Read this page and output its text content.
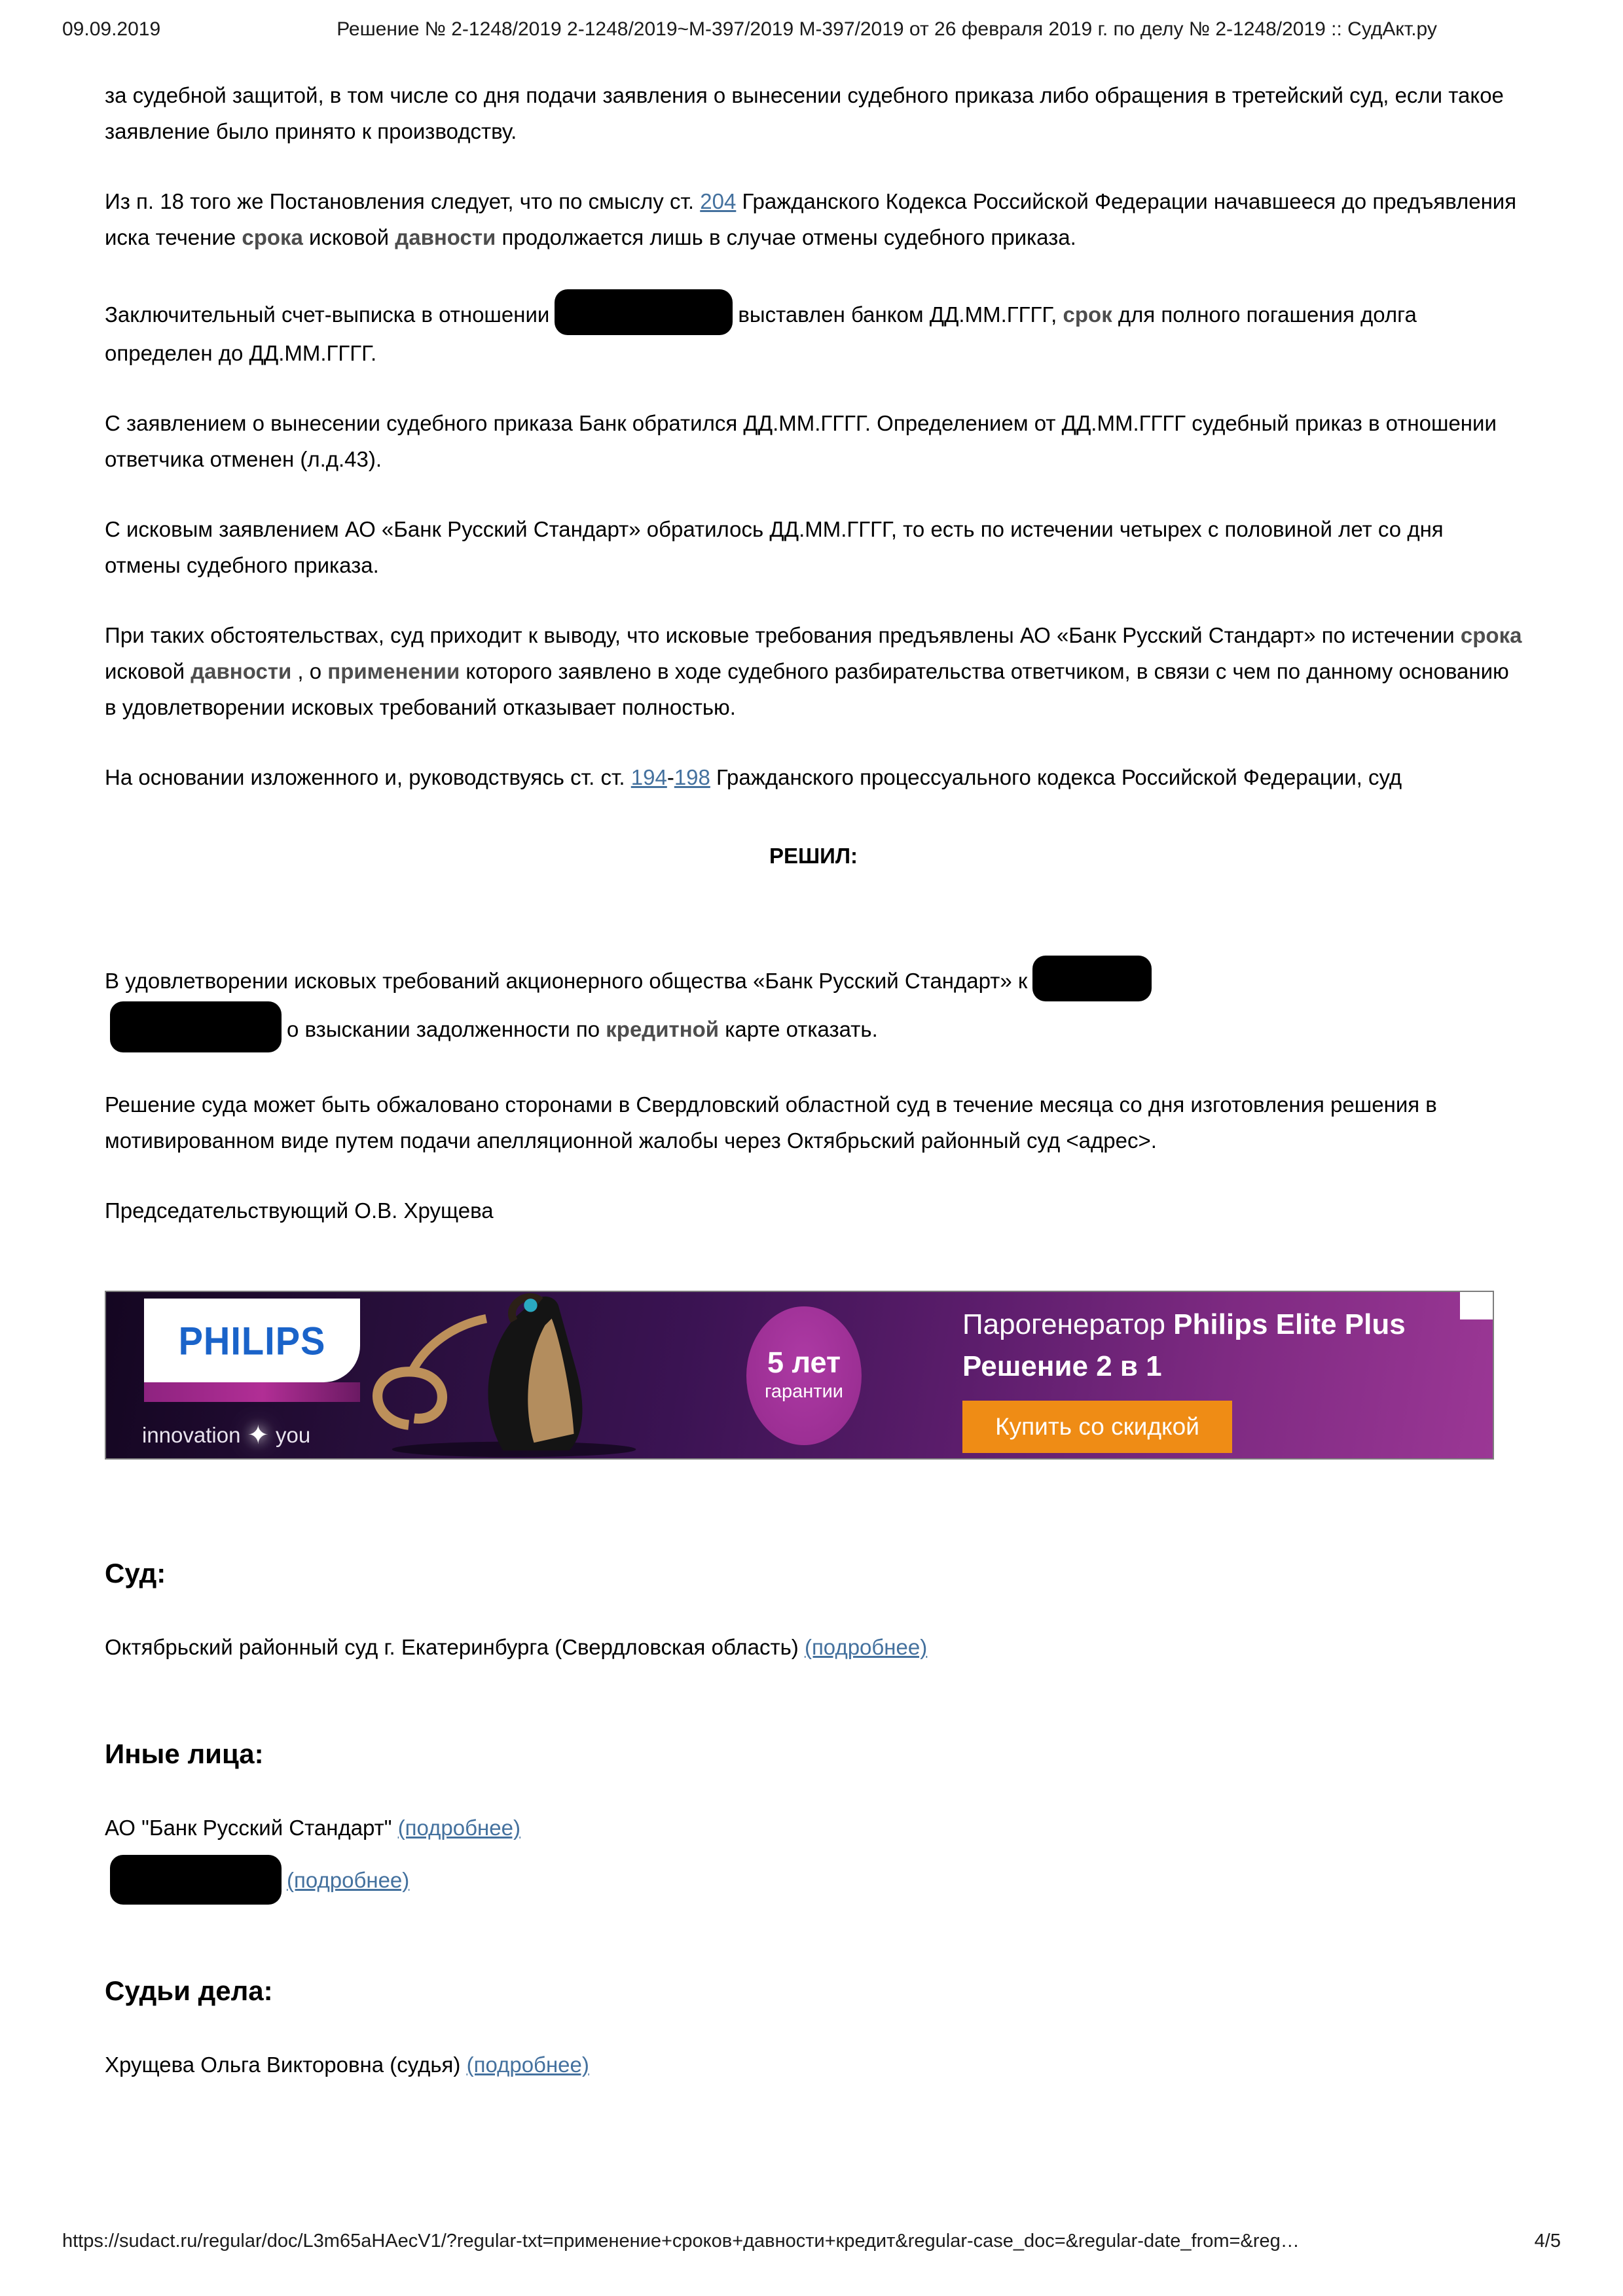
09.09.2019	Решение № 2-1248/2019 2-1248/2019~М-397/2019 М-397/2019 от 26 февраля 2019 г. по делу № 2-1248/2019 :: СудАкт.ру

за судебной защитой, в том числе со дня подачи заявления о вынесении судебного приказа либо обращения в третейский суд, если такое заявление было принято к производству.

Из п. 18 того же Постановления следует, что по смыслу ст. 204 Гражданского Кодекса Российской Федерации начавшееся до предъявления иска течение срока исковой давности продолжается лишь в случае отмены судебного приказа.

Заключительный счет-выписка в отношении	выставлен банком ДД.ММ.ГГГГ, срок для полного погашения долга определен до ДД.ММ.ГГГГ.

С заявлением о вынесении судебного приказа Банк обратился ДД.ММ.ГГГГ. Определением от ДД.ММ.ГГГГ судебный приказ в отношении ответчика отменен (л.д.43).

С исковым заявлением АО «Банк Русский Стандарт» обратилось ДД.ММ.ГГГГ, то есть по истечении четырех с половиной лет со дня отмены судебного приказа.

При таких обстоятельствах, суд приходит к выводу, что исковые требования предъявлены АО «Банк Русский Стандарт» по истечении срока исковой давности , о применении которого заявлено в ходе судебного разбирательства ответчиком, в связи с чем по данному основанию в удовлетворении исковых требований отказывает полностью.

На основании изложенного и, руководствуясь ст. ст. 194-198 Гражданского процессуального кодекса Российской Федерации, суд

РЕШИЛ:

В удовлетворении исковых требований акционерного общества «Банк Русский Стандарт» к
о взыскании задолженности по кредитной карте отказать.

Решение суда может быть обжаловано сторонами в Свердловский областной суд в течение месяца со дня изготовления решения в мотивированном виде путем подачи апелляционной жалобы через Октябрьский районный суд <адрес>.

Председательствующий О.В. Хрущева

PHILIPS
innovation ✦ you
5 лет
гарантии
Парогенератор Philips Elite Plus
Решение 2 в 1
Купить со скидкой
Суд:

Октябрьский районный суд г. Екатеринбурга (Свердловская область) (подробнее)

Иные лица:

АО "Банк Русский Стандарт" (подробнее)

(подробнее)

Судьи дела:

Хрущева Ольга Викторовна (судья) (подробнее)

https://sudact.ru/regular/doc/L3m65aHAecV1/?regular-txt=применение+сроков+давности+кредит&regular-case_doc=&regular-date_from=&reg…	4/5
